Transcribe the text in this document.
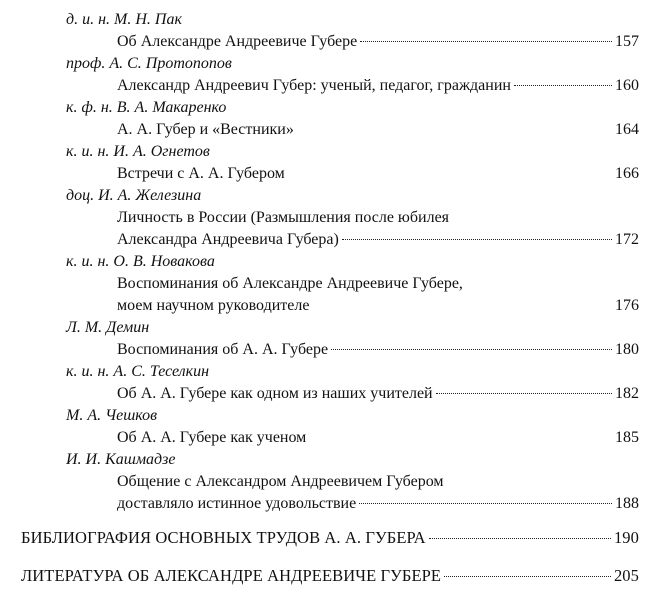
д. и. н. М. Н. Пак
Об Александре Андреевиче Губере	157
проф. А. С. Протопопов
Александр Андреевич Губер: ученый, педагог, гражданин	160
к. ф. н. В. А. Макаренко
А. А. Губер и «Вестники»	164
к. и. н. И. А. Огнетов
Встречи с А. А. Губером	166
доц. И. А. Железина
Личность в России (Размышления после юбилея
Александра Андреевича Губера)	172
к. и. н. О. В. Новакова
Воспоминания об Александре Андреевиче Губере,
моем научном руководителе	176
Л. М. Демин
Воспоминания об А. А. Губере	180
к. и. н. А. С. Теселкин
Об А. А. Губере как одном из наших учителей	182
М. А. Чешков
Об А. А. Губере как ученом	185
И. И. Кашмадзе
Общение с Александром Андреевичем Губером
доставляло истинное удовольствие	188
БИБЛИОГРАФИЯ ОСНОВНЫХ ТРУДОВ А. А. ГУБЕРА	190
ЛИТЕРАТУРА ОБ АЛЕКСАНДРЕ АНДРЕЕВИЧЕ ГУБЕРЕ	205
